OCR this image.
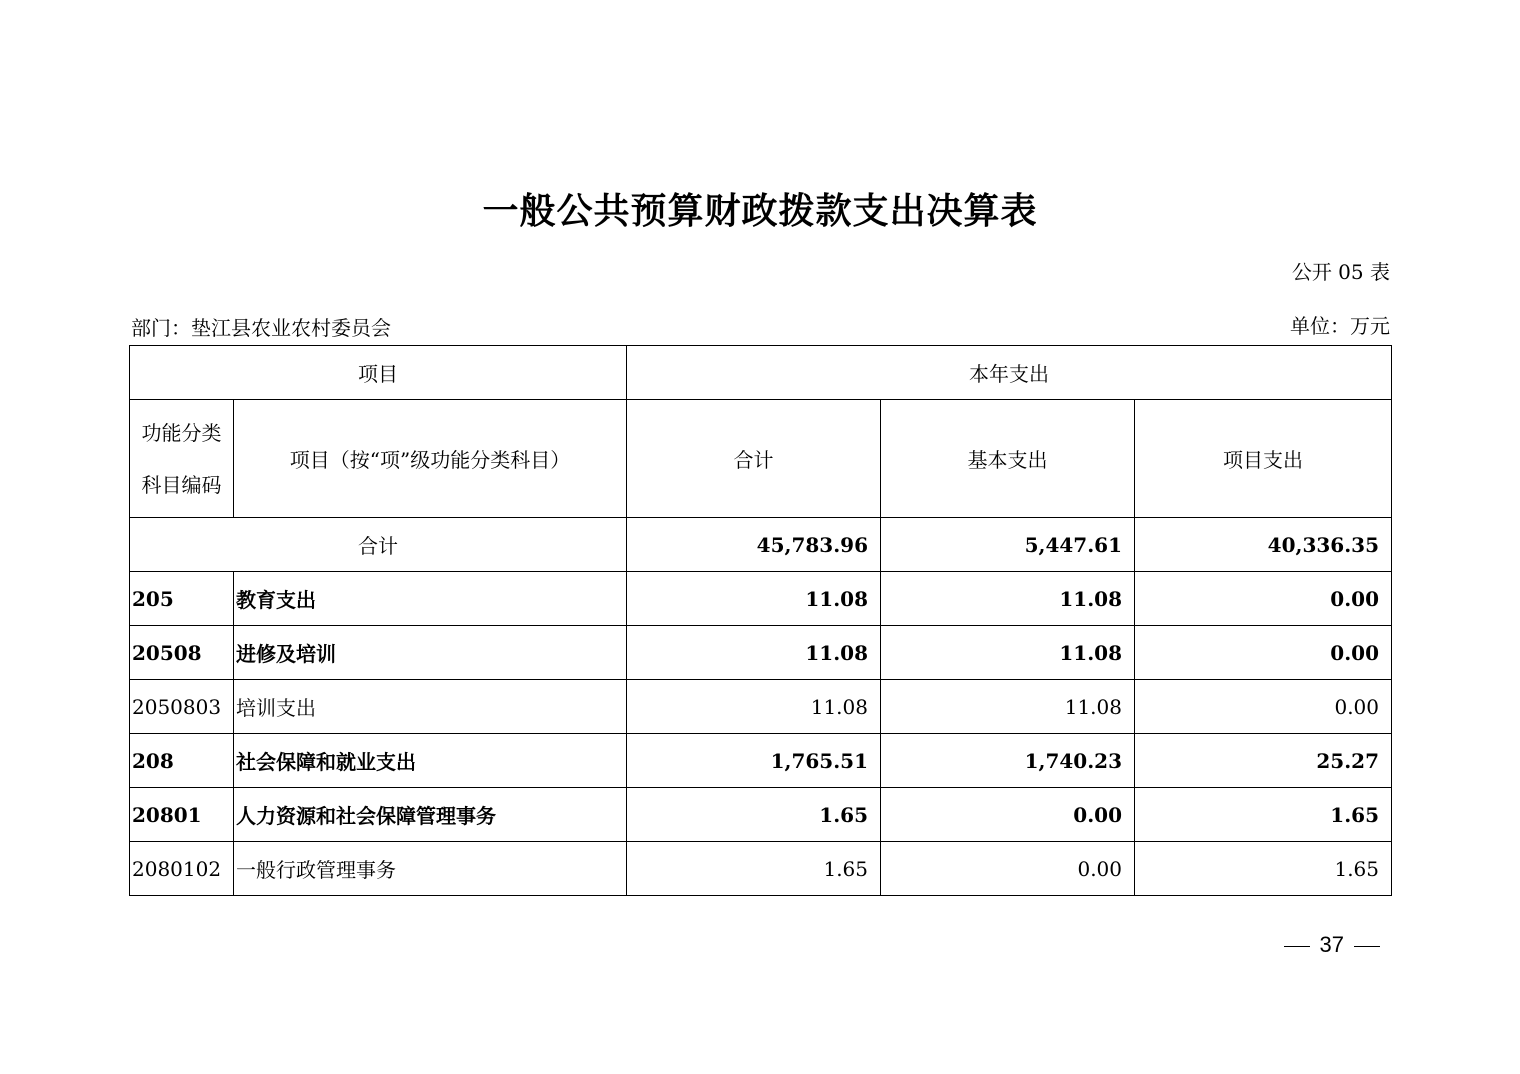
一般公共预算财政拨款支出决算表
公开 05 表
部门：垫江县农业农村委员会	单位：万元
项目		本年支出		
功能分类
科目编码	项目（按“项”级功能分类科目）	合计	基本支出	项目支出
合计		45,783.96	5,447.61	40,336.35
205	教育支出	11.08	11.08	0.00
20508	进修及培训	11.08	11.08	0.00
2050803	培训支出	11.08	11.08	0.00
208	社会保障和就业支出	1,765.51	1,740.23	25.27
20801	人力资源和社会保障管理事务	1.65	0.00	1.65
2080102	一般行政管理事务	1.65	0.00	1.65
37
